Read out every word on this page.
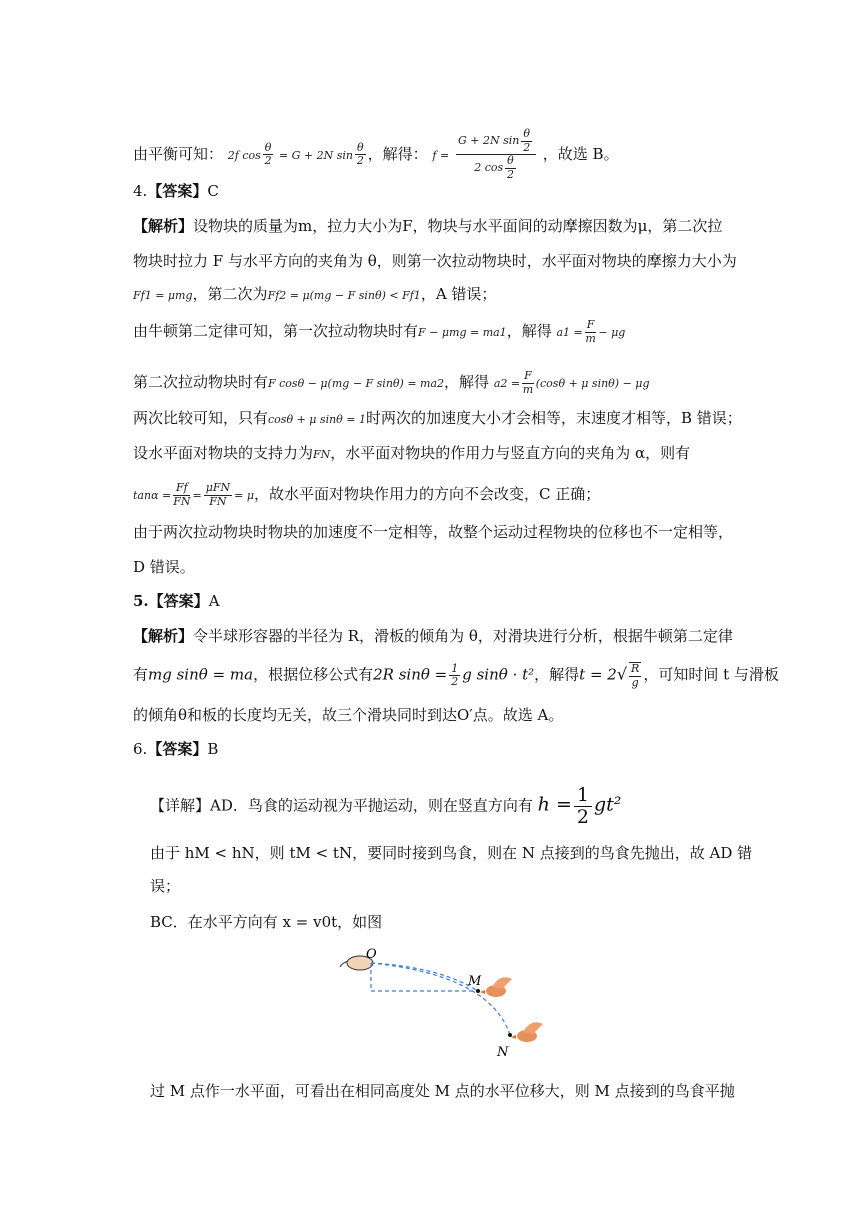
由平衡可知： 2f $\cos \frac{\theta}{2} = G + 2N$ $\sin \frac{\theta}{2}$ ，解得： $f = \frac{G + 2N \sin \frac{\theta}{2}}{2 \cos \frac{\theta}{2}}$ ，故选 B。
4.【答案】C
【解析】设物块的质量为m，拉力大小为F，物块与水平面间的动摩擦因数为μ，第二次拉
物块时拉力 F 与水平方向的夹角为 θ，则第一次拉动物块时，水平面对物块的摩擦力大小为
Ff1 = μmg，第二次为Ff2 = μ(mg − F sinθ) < Ff1，A 错误；
由牛顿第二定律可知，第一次拉动物块时有F − μmg = ma1，解得 $a1 = \frac{F}{m} - \mu g$
第二次拉动物块时有F cosθ − μ(mg − F sinθ) = ma2，解得 $a2 = \frac{F}{m} (\cos\theta + \mu$ sinθ) − μg
两次比较可知，只有cosθ + μ sinθ = 1时两次的加速度大小才会相等，末速度才相等，B 错误；
设水平面对物块的支持力为FN，水平面对物块的作用力与竖直方向的夹角为 α，则有
$\tan\alpha = \frac{Ff}{FN} = \frac{\text{μFN}}{FN} = \mu$，故水平面对物块作用力的方向不会改变，C 正确；
由于两次拉动物块时物块的加速度不一定相等，故整个运动过程物块的位移也不一定相等，
D 错误。
5.【答案】A
【解析】令半球形容器的半径为 R，滑板的倾角为 θ，对滑块进行分析，根据牛顿第二定律
有mg sinθ = ma，根据位移公式有2R $\sin\theta = \frac{1}{2}$ g sinθ · t²，解得$t = 2√ \frac{R}{g}$ ，可知时间 t 与滑板
的倾角θ和板的长度均无关，故三个滑块同时到达O′点。故选 A。
6.【答案】B
【详解】AD．鸟食的运动视为平抛运动，则在竖直方向有 $h = \frac{1}{2} gt^2$
由于 hM < hN，则 tM < tN，要同时接到鸟食，则在 N 点接到的鸟食先抛出，故 AD 错
误；
BC．在水平方向有 x = v0t，如图
O
M
N
过 M 点作一水平面，可看出在相同高度处 M 点的水平位移大，则 M 点接到的鸟食平抛
